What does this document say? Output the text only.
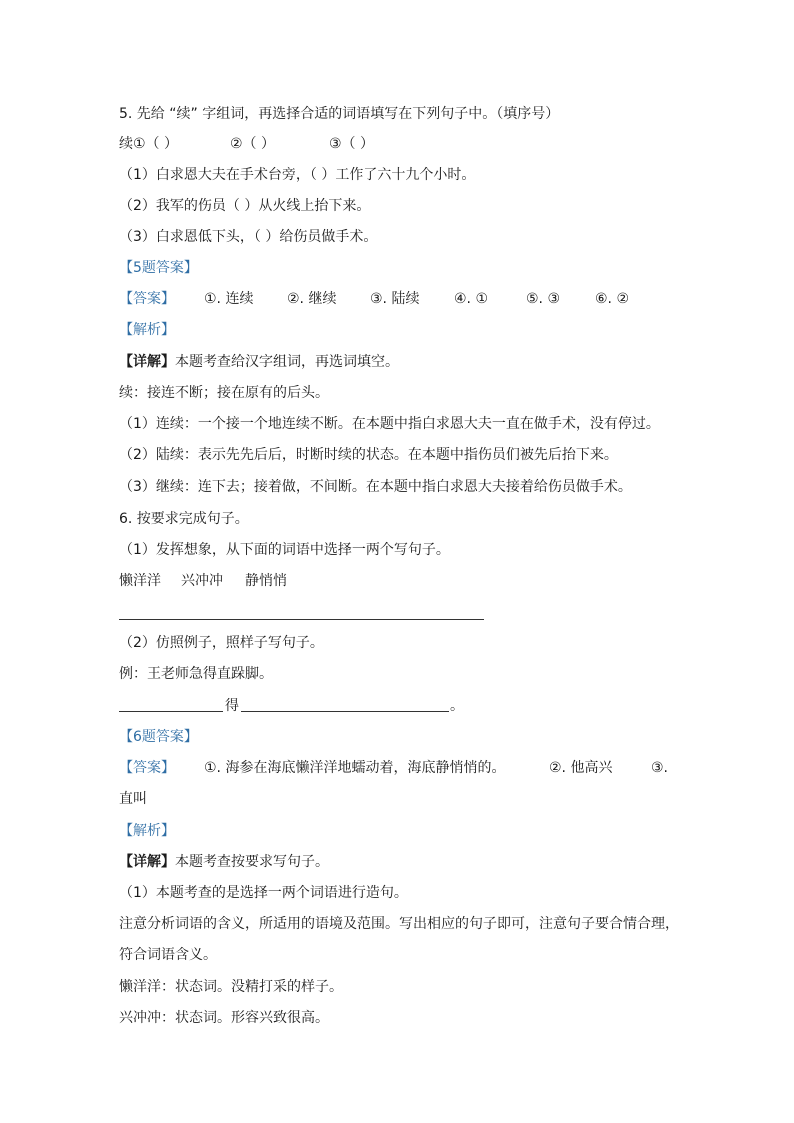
5. 先给 “续” 字组词，再选择合适的词语填写在下列句子中。（填序号）
续 ①（ ）	②（ ）	③（ ）
（1）白求恩大夫在手术台旁，（ ）工作了六十九个小时。
（2）我军的伤员（ ）从火线上抬下来。
（3）白求恩低下头，（ ）给伤员做手术。
【5题答案】
【答案】 ①. 连续 ②. 继续 ③. 陆续 ④. ①	⑤. ③ ⑥. ②
【解析】
【详解】本题考查给汉字组词，再选词填空。
续：接连不断；接在原有的后头。
（1）连续：一个接一个地连续不断。在本题中指白求恩大夫一直在做手术，没有停过。
（2）陆续：表示先先后后，时断时续的状态。在本题中指伤员们被先后抬下来。
（3）继续：连下去；接着做，不间断。在本题中指白求恩大夫接着给伤员做手术。
6. 按要求完成句子。
（1）发挥想象，从下面的词语中选择一两个写句子。
懒洋洋 兴冲冲 静悄悄
（2）仿照例子，照样子写句子。
例：王老师急得直跺脚。
得	。
【6题答案】
【答案】 ①. 海参在海底懒洋洋地蠕动着，海底静悄悄的。	②. 他高兴	③.
直叫
【解析】
【详解】本题考查按要求写句子。
（1）本题考查的是选择一两个词语进行造句。
注意分析词语的含义，所适用的语境及范围。写出相应的句子即可，注意句子要合情合理，
符合词语含义。
懒洋洋：状态词。没精打采的样子。
兴冲冲：状态词。形容兴致很高。
